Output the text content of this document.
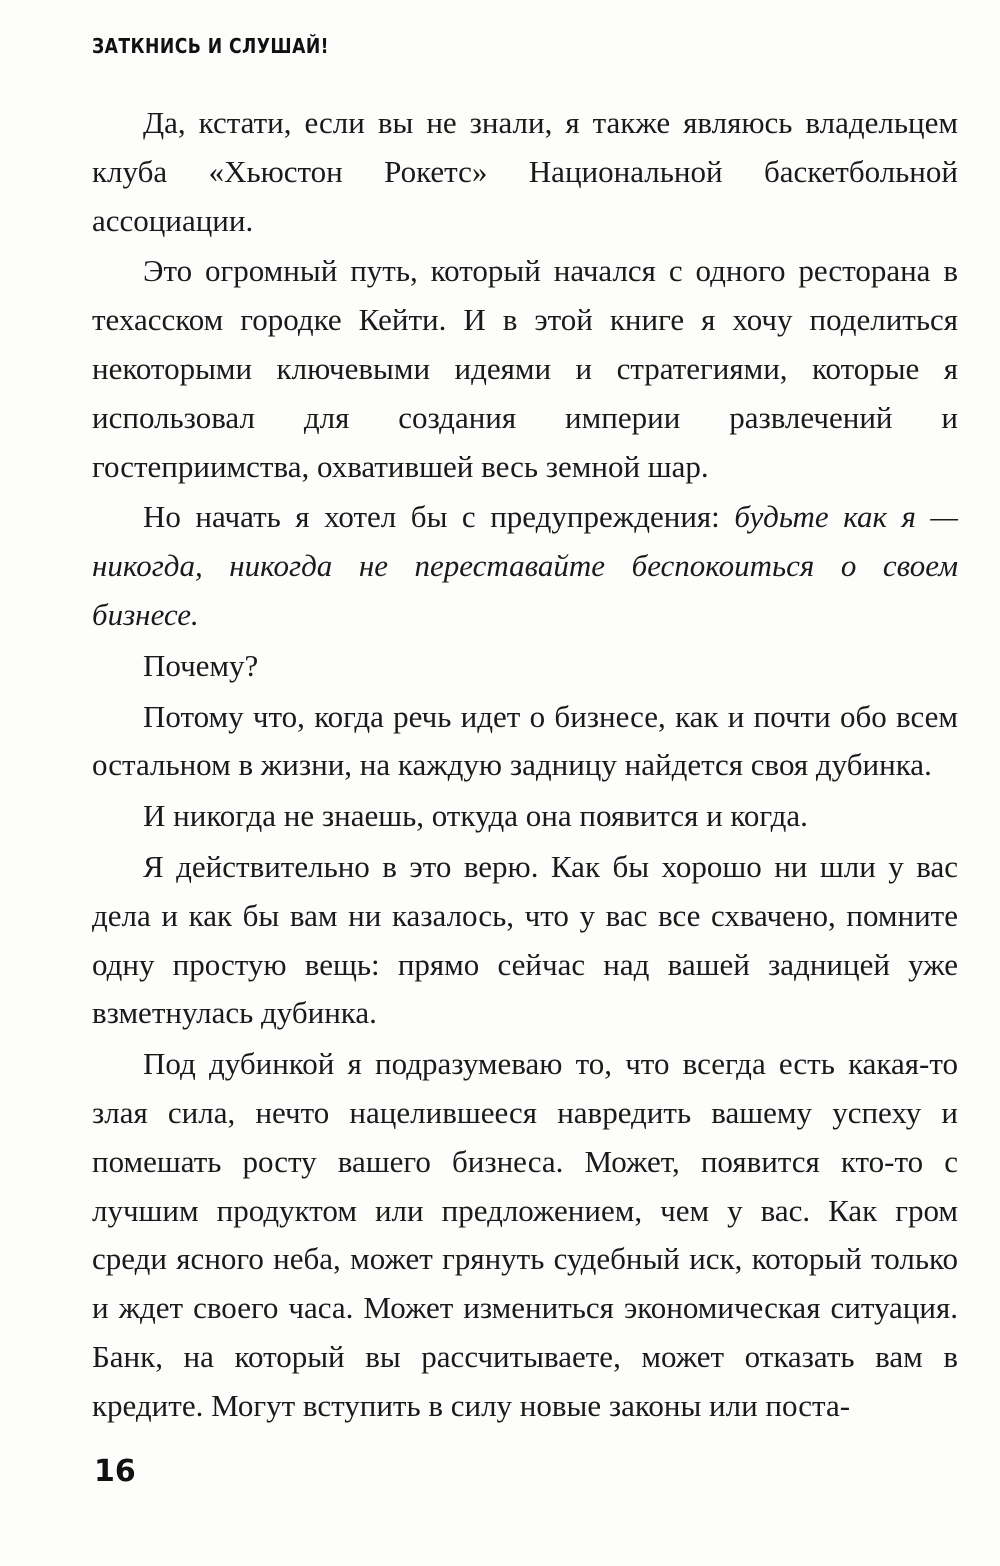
ЗАТКНИСЬ И СЛУШАЙ!

Да, кстати, если вы не знали, я также являюсь владельцем клуба «Хьюстон Рокетс» Национальной баскетбольной ассоциации.

Это огромный путь, который начался с одного ресторана в техасском городке Кейти. И в этой книге я хочу поделиться некоторыми ключевыми идеями и стратегиями, которые я использовал для создания империи развлечений и гостеприимства, охватившей весь земной шар.

Но начать я хотел бы с предупреждения: будьте как я — никогда, никогда не переставайте беспокоиться о своем бизнесе.

Почему?

Потому что, когда речь идет о бизнесе, как и почти обо всем остальном в жизни, на каждую задницу найдется своя дубинка.

И никогда не знаешь, откуда она появится и когда.

Я действительно в это верю. Как бы хорошо ни шли у вас дела и как бы вам ни казалось, что у вас все схвачено, помните одну простую вещь: прямо сейчас над вашей задницей уже взметнулась дубинка.

Под дубинкой я подразумеваю то, что всегда есть какая-то злая сила, нечто нацелившееся навредить вашему успеху и помешать росту вашего бизнеса. Может, появится кто-то с лучшим продуктом или предложением, чем у вас. Как гром среди ясного неба, может грянуть судебный иск, который только и ждет своего часа. Может измениться экономическая ситуация. Банк, на который вы рассчитываете, может отказать вам в кредите. Могут вступить в силу новые законы или поста-

16
